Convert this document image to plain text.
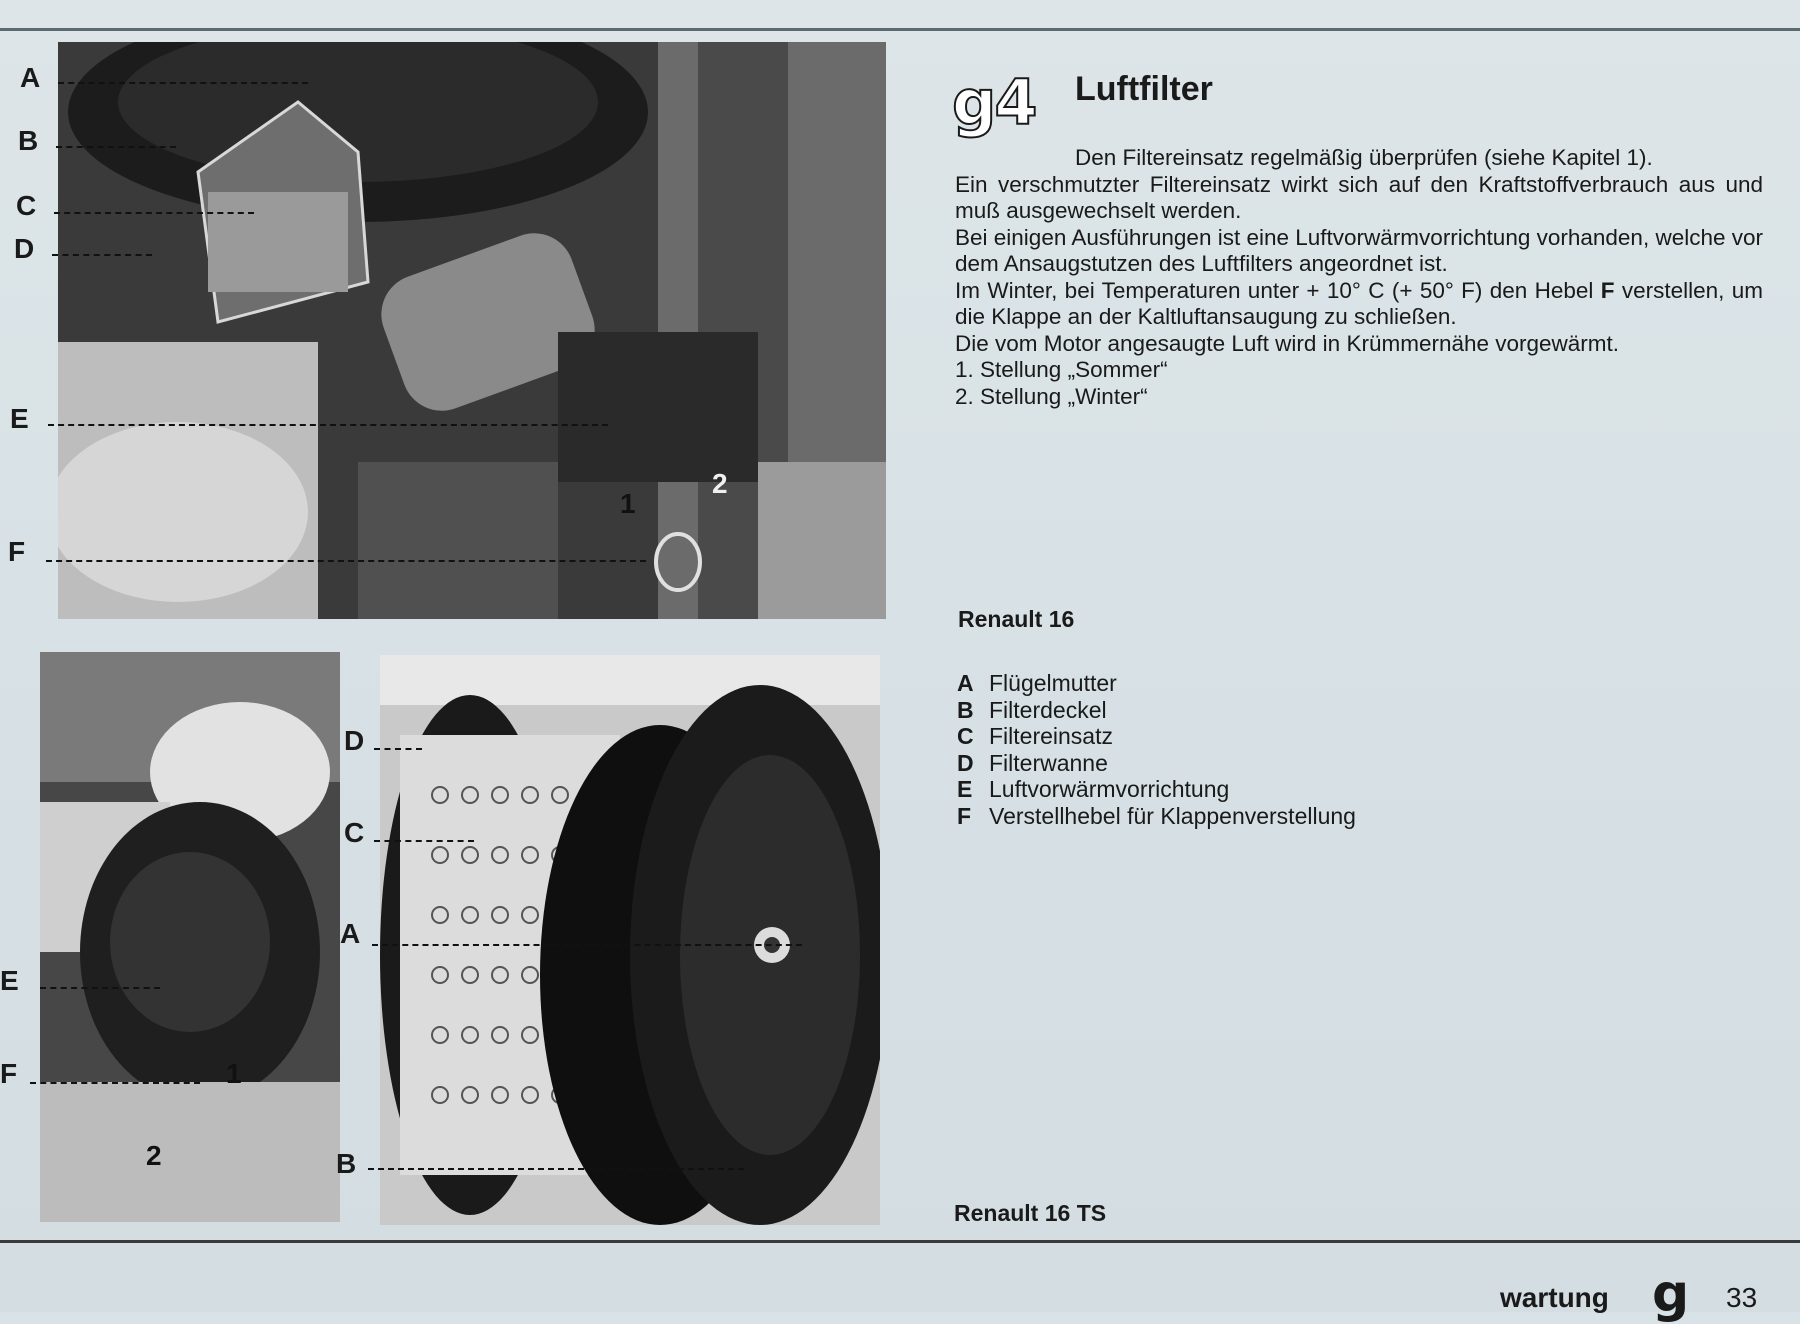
A
B
C
D
E
F
1
2
E
F	1
2
D
C
A
B
g4 Luftfilter

Den Filtereinsatz regelmäßig überprüfen (siehe Kapitel 1).

Ein verschmutzter Filtereinsatz wirkt sich auf den Kraftstoffverbrauch aus und muß ausgewechselt werden.

Bei einigen Ausführungen ist eine Luftvorwärmvorrichtung vorhanden, welche vor dem Ansaugstutzen des Luftfilters angeordnet ist.

Im Winter, bei Temperaturen unter + 10° C (+ 50° F) den Hebel F verstellen, um die Klappe an der Kaltluftansaugung zu schließen.

Die vom Motor angesaugte Luft wird in Krümmernähe vorgewärmt.

1. Stellung „Sommer“

2. Stellung „Winter“

Renault 16
Renault 16 TS
A Flügelmutter
B Filterdeckel
C Filtereinsatz
D Filterwanne
E Luftvorwärmvorrichtung
F Verstellhebel für Klappenverstellung
wartung g 33
